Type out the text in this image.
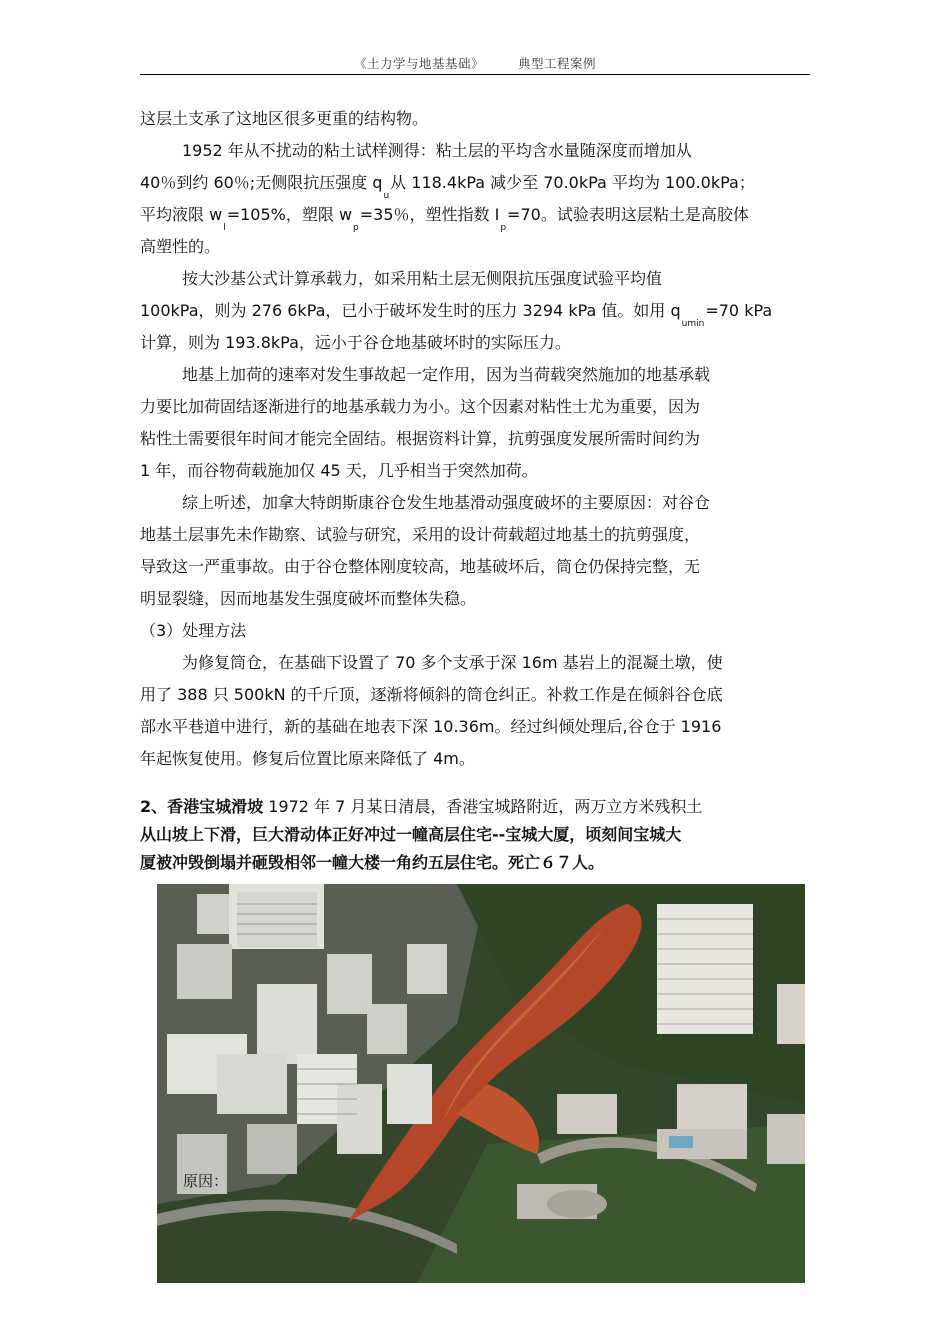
《土力学与地基基础》	典型工程案例
这层土支承了这地区很多更重的结构物。
1952 年从不扰动的粘土试样测得：粘土层的平均含水量随深度而增加从
40％到约 60％;无侧限抗压强度 $q_u$从 118.4kPa 减少至 70.0kPa 平均为 100.0kPa；
平均液限 $w_l=105\%$，塑限 $w_p=35$％，塑性指数 $I_p=70$。试验表明这层粘土是高胶体
高塑性的。
按大沙基公式计算承载力，如采用粘土层无侧限抗压强度试验平均值
100kPa，则为 276 6kPa，已小于破坏发生时的压力 3294 kPa 值。如用 $q_{umin}=70$ kPa
计算，则为 193.8kPa，远小于谷仓地基破坏时的实际压力。
地基上加荷的速率对发生事故起一定作用，因为当荷载突然施加的地基承载
力要比加荷固结逐渐进行的地基承载力为小。这个因素对粘性士尤为重要，因为
粘性土需要很年时间才能完全固结。根据资料计算，抗剪强度发展所需时间约为
1 年，而谷物荷载施加仅 45 天，几乎相当于突然加荷。
综上听述，加拿大特朗斯康谷仓发生地基滑动强度破坏的主要原因：对谷仓
地基土层事先未作勘察、试验与研究，采用的设计荷载超过地基土的抗剪强度，
导致这一严重事故。由于谷仓整体刚度较高，地基破坏后，筒仓仍保持完整，无
明显裂缝，因而地基发生强度破坏而整体失稳。
（3）处理方法
为修复筒仓，在基础下设置了 70 多个支承于深 16m 基岩上的混凝土墩，使
用了 388 只 500kN 的千斤顶，逐渐将倾斜的筒仓纠正。补救工作是在倾斜谷仓底
部水平巷道中进行，新的基础在地表下深 10.36m。经过纠倾处理后,谷仓于 1916
年起恢复使用。修复后位置比原来降低了 4m。
2、香港宝城滑坡 1972 年 7 月某日清晨，香港宝城路附近，两万立方米残积土
从山坡上下滑，巨大滑动体正好冲过一幢高层住宅--宝城大厦，顷刻间宝城大
厦被冲毁倒塌并砸毁相邻一幢大楼一角约五层住宅。死亡６７人。
原因：
